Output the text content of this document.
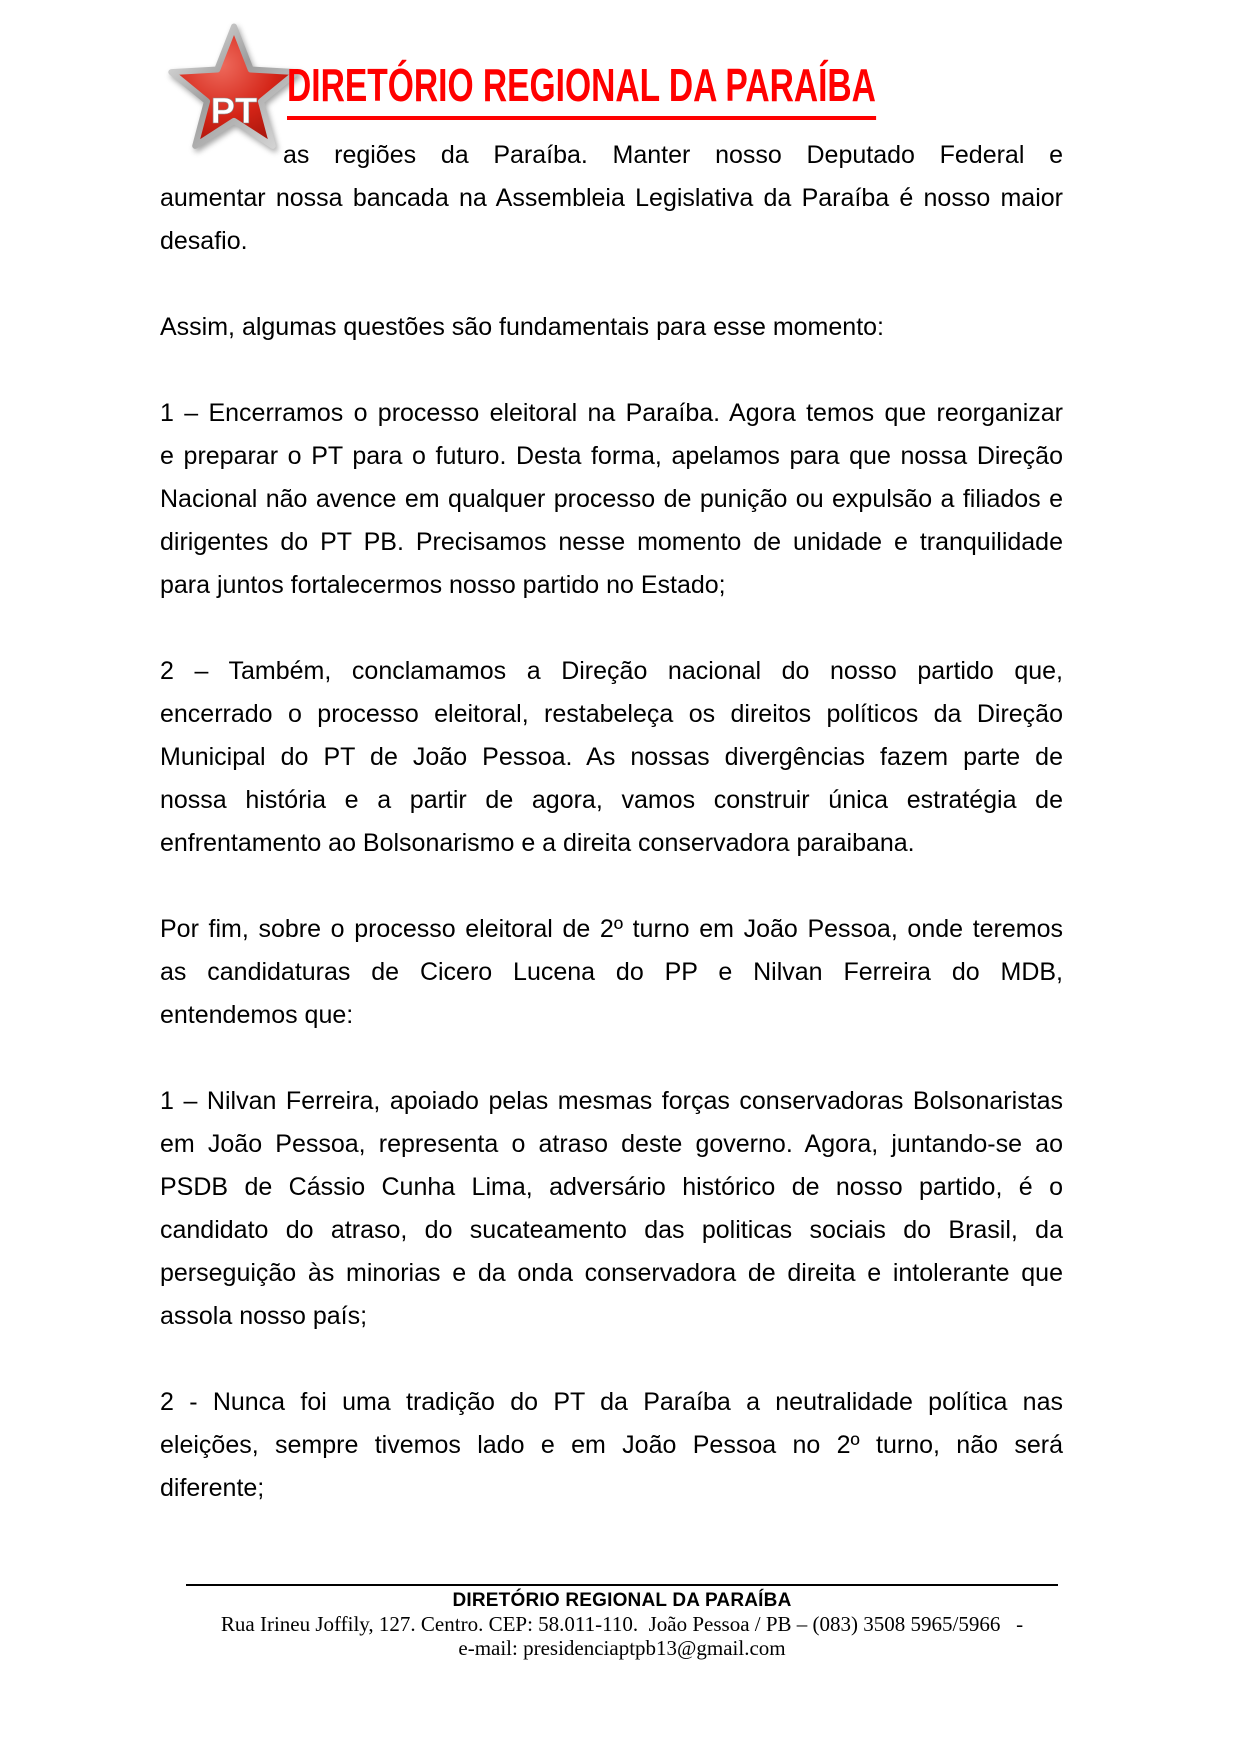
PT DIRETÓRIO REGIONAL DA PARAÍBA
as regiões da Paraíba. Manter nosso Deputado Federal e
aumentar nossa bancada na Assembleia Legislativa da Paraíba é nosso maior
desafio.
Assim, algumas questões são fundamentais para esse momento:
1 – Encerramos o processo eleitoral na Paraíba. Agora temos que reorganizar
e preparar o PT para o futuro. Desta forma, apelamos para que nossa Direção
Nacional não avence em qualquer processo de punição ou expulsão a filiados e
dirigentes do PT PB. Precisamos nesse momento de unidade e tranquilidade
para juntos fortalecermos nosso partido no Estado;
2 – Também, conclamamos a Direção nacional do nosso partido que,
encerrado o processo eleitoral, restabeleça os direitos políticos da Direção
Municipal do PT de João Pessoa. As nossas divergências fazem parte de
nossa história e a partir de agora, vamos construir única estratégia de
enfrentamento ao Bolsonarismo e a direita conservadora paraibana.
Por fim, sobre o processo eleitoral de 2º turno em João Pessoa, onde teremos
as candidaturas de Cicero Lucena do PP e Nilvan Ferreira do MDB,
entendemos que:
1 – Nilvan Ferreira, apoiado pelas mesmas forças conservadoras Bolsonaristas
em João Pessoa, representa o atraso deste governo. Agora, juntando-se ao
PSDB de Cássio Cunha Lima, adversário histórico de nosso partido, é o
candidato do atraso, do sucateamento das politicas sociais do Brasil, da
perseguição às minorias e da onda conservadora de direita e intolerante que
assola nosso país;
2 - Nunca foi uma tradição do PT da Paraíba a neutralidade política nas
eleições, sempre tivemos lado e em João Pessoa no 2º turno, não será
diferente;
DIRETÓRIO REGIONAL DA PARAÍBA
Rua Irineu Joffily, 127. Centro. CEP: 58.011-110.  João Pessoa / PB – (083) 3508 5965/5966   -
e-mail: presidenciaptpb13@gmail.com
